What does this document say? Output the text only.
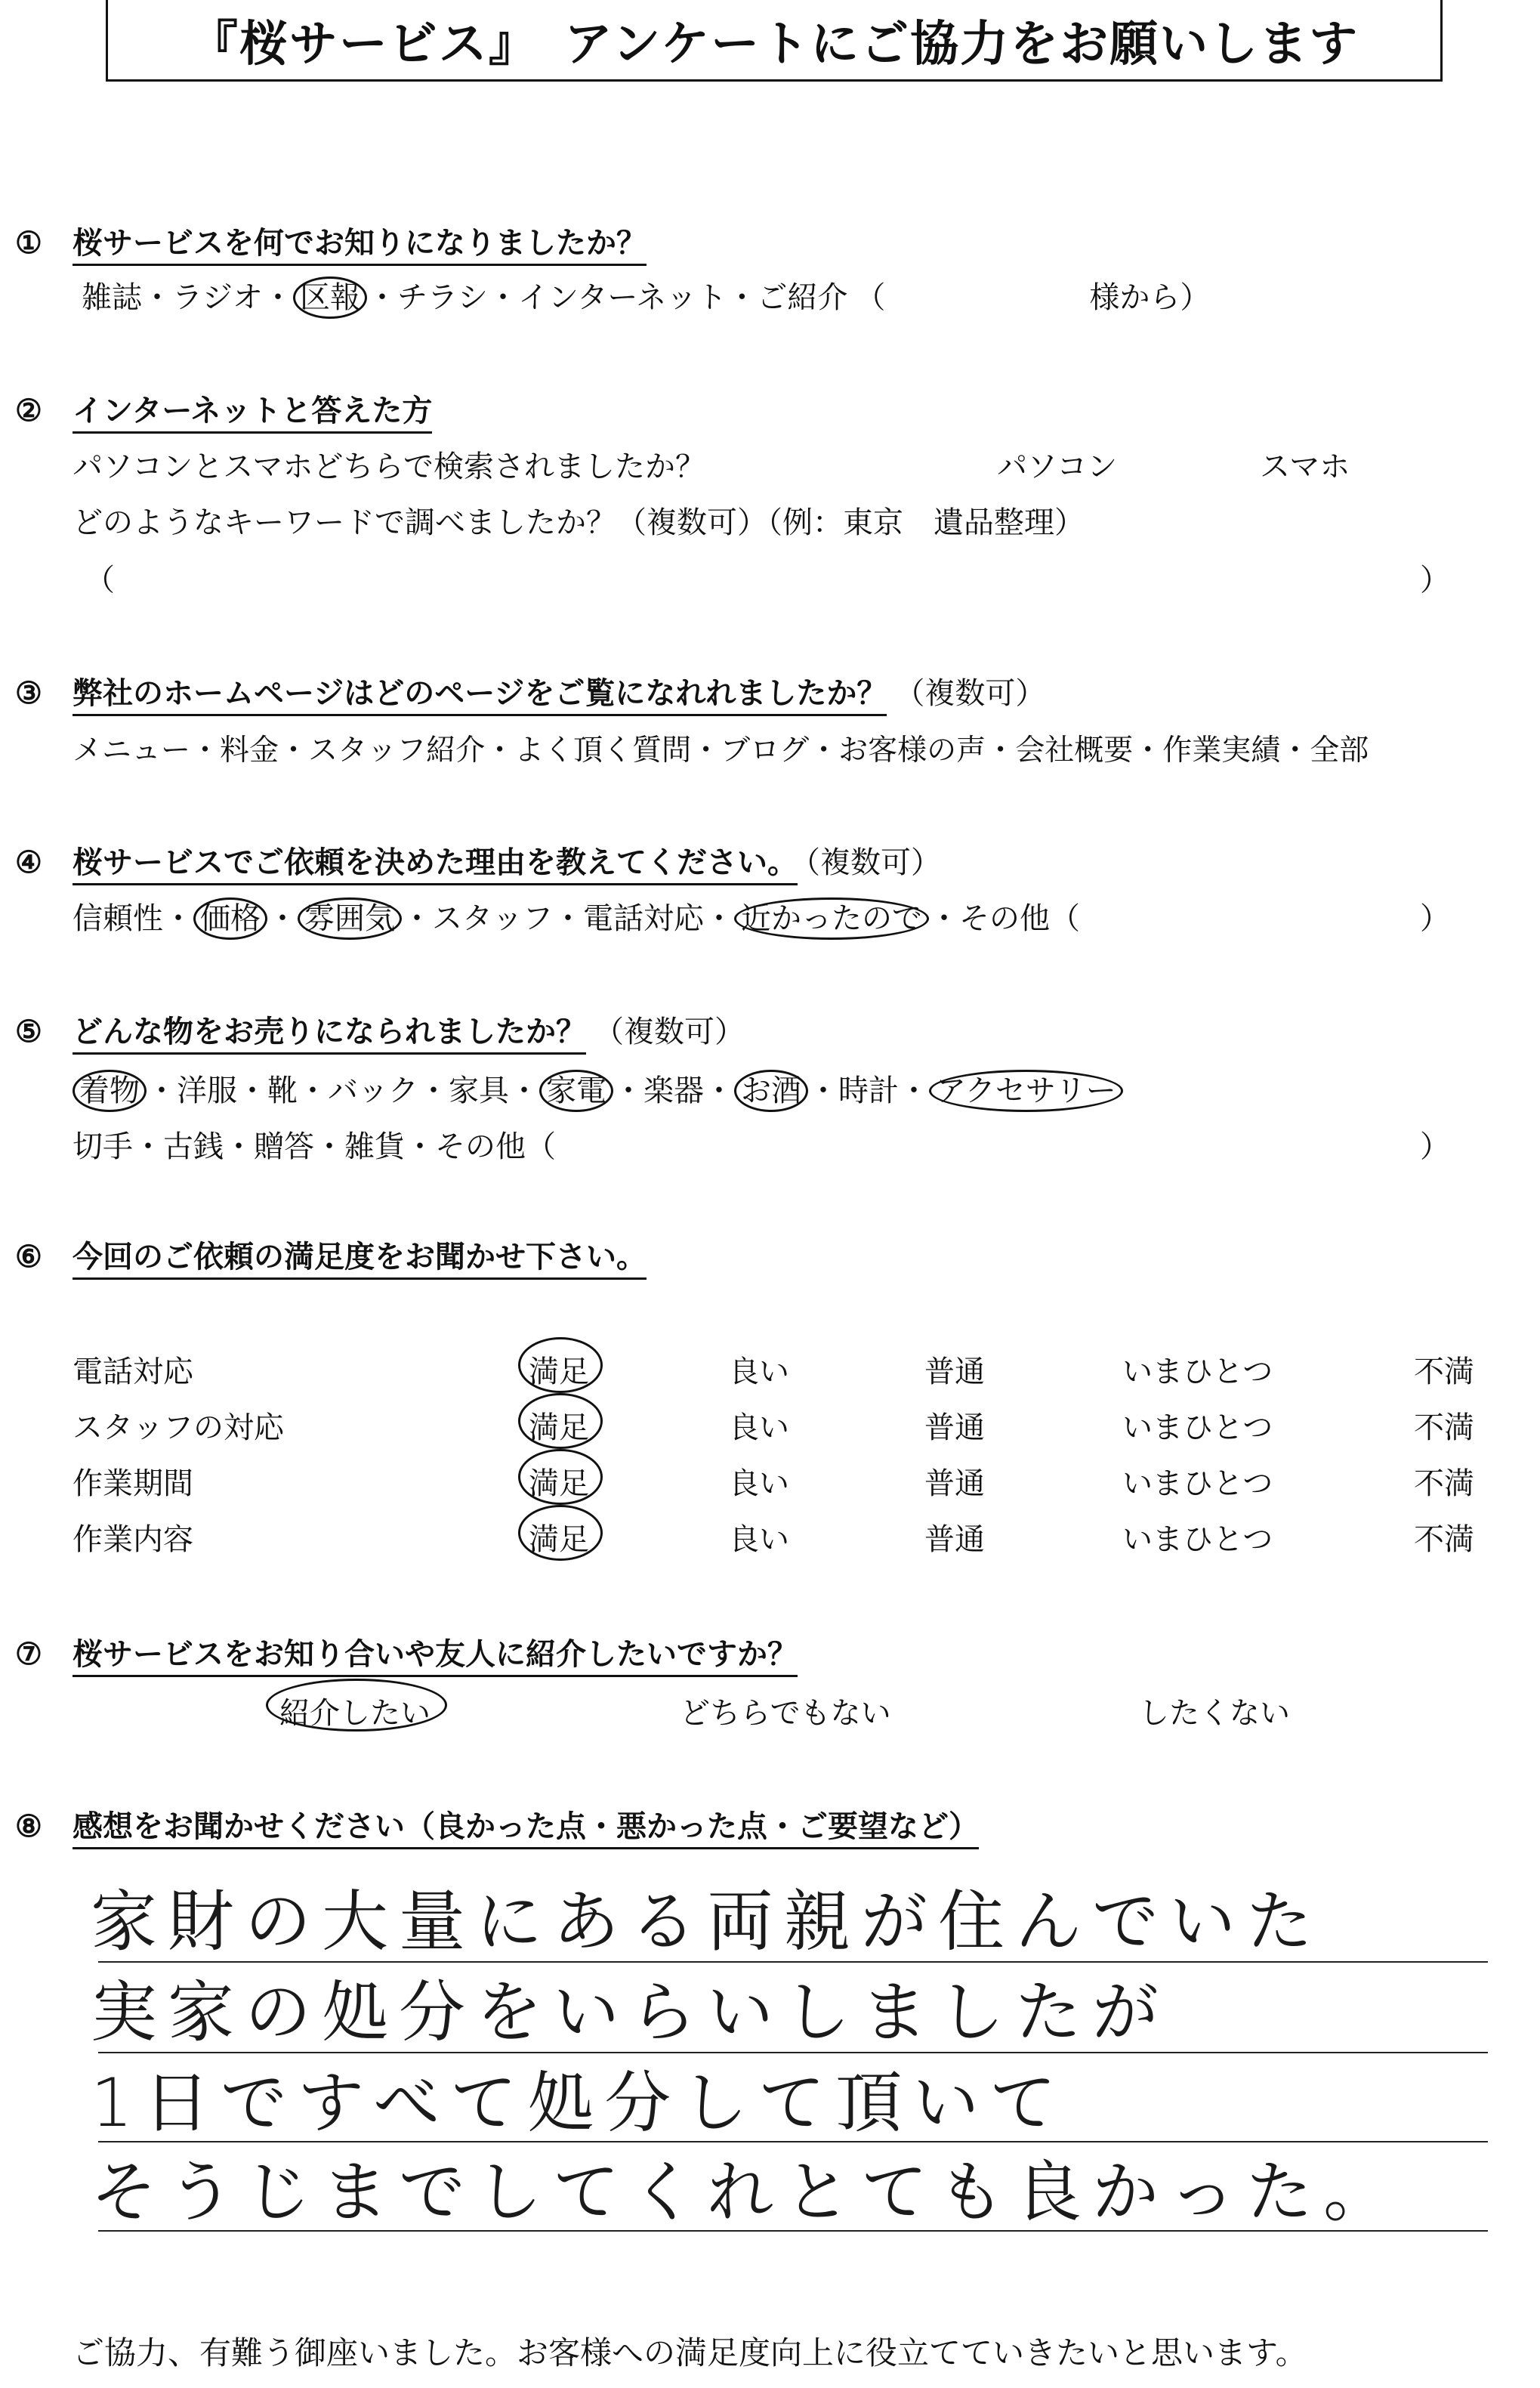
『桜サービス』　アンケートにご協力をお願いします
① 桜サービスを何でお知りになりましたか？
雑誌・ラジオ・ 区報 ・チラシ・インターネット・ご紹介 （	様から）
② インターネットと答えた方
パソコンとスマホどちらで検索されましたか？	パソコン	スマホ
どのようなキーワードで調べましたか？（複数可）（例：東京　遺品整理）
（	）
③ 弊社のホームページはどのページをご覧になれれましたか？ （複数可）
メニュー・料金・スタッフ紹介・よく頂く質問・ブログ・お客様の声・会社概要・作業実績・全部
④ 桜サービスでご依頼を決めた理由を教えてください。 （複数可）
信頼性・ 価格 ・ 雰囲気 ・スタッフ・電話対応・ 近かったので ・その他（	）
⑤ どんな物をお売りになられましたか？ （複数可）
着物 ・洋服・靴・バック・家具・ 家電 ・楽器・ お酒 ・時計・ アクセサリー
切手・古銭・贈答・雑貨・その他（	）
⑥ 今回のご依頼の満足度をお聞かせ下さい。
電話対応	満足	良い	普通	いまひとつ	不満
スタッフの対応	満足	良い	普通	いまひとつ	不満
作業期間	満足	良い	普通	いまひとつ	不満
作業内容	満足	良い	普通	いまひとつ	不満
⑦ 桜サービスをお知り合いや友人に紹介したいですか？
紹介したい	どちらでもない	したくない
⑧ 感想をお聞かせください（良かった点・悪かった点・ご要望など）
家財の大量にある両親が住んでいた
実家の処分をいらいしましたが
1日ですべて処分して頂いて
そうじまでしてくれとても良かった。
ご協力、有難う御座いました。お客様への満足度向上に役立てていきたいと思います。
